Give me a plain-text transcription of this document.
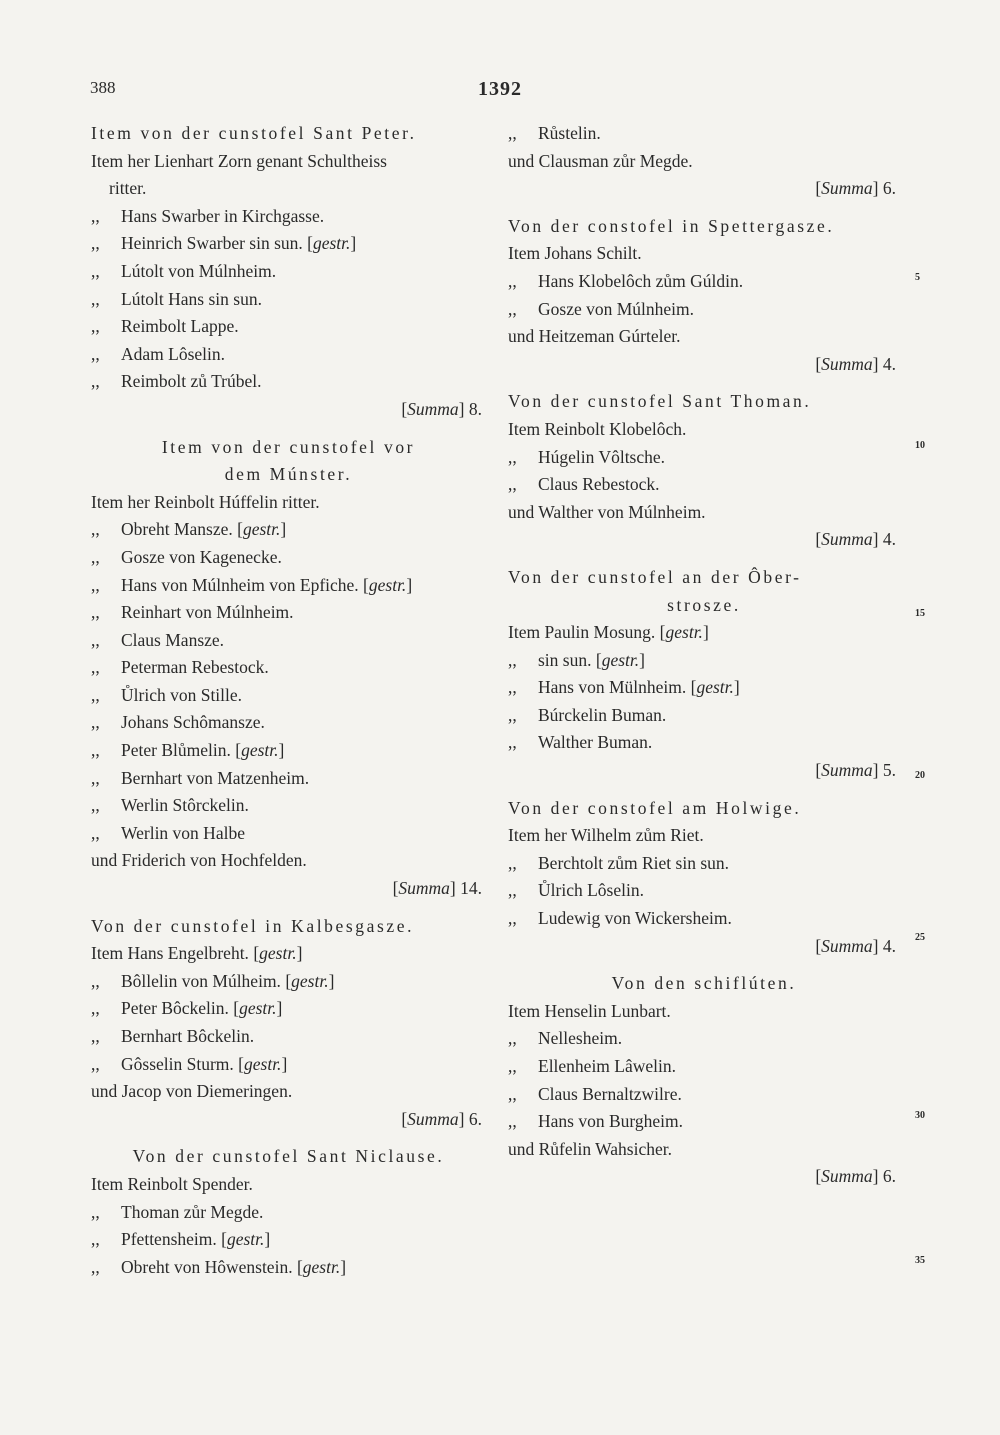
388	1392
Item von der cunstofel Sant Peter.
Item her Lienhart Zorn genant Schultheiss
ritter.
,, Hans Swarber in Kirchgasse.
,, Heinrich Swarber sin sun. [gestr.]
,, Lútolt von Múlnheim.
,, Lútolt Hans sin sun.
,, Reimbolt Lappe.
,, Adam Lôselin.
,, Reimbolt zů Trúbel.
[Summa] 8.
Item von der cunstofel vor
dem Múnster.
Item her Reinbolt Húffelin ritter.
,, Obreht Mansze. [gestr.]
,, Gosze von Kagenecke.
,, Hans von Múlnheim von Epfiche. [gestr.]
,, Reinhart von Múlnheim.
,, Claus Mansze.
,, Peterman Rebestock.
,, Ůlrich von Stille.
,, Johans Schômansze.
,, Peter Blůmelin. [gestr.]
,, Bernhart von Matzenheim.
,, Werlin Stôrckelin.
,, Werlin von Halbe
und Friderich von Hochfelden.
[Summa] 14.
Von der cunstofel in Kalbesgasze.
Item Hans Engelbreht. [gestr.]
,, Bôllelin von Múlheim. [gestr.]
,, Peter Bôckelin. [gestr.]
,, Bernhart Bôckelin.
,, Gôsselin Sturm. [gestr.]
und Jacop von Diemeringen.
[Summa] 6.
Von der cunstofel Sant Niclause.
Item Reinbolt Spender.
,, Thoman zůr Megde.
,, Pfettensheim. [gestr.]
,, Obreht von Hôwenstein. [gestr.]
,, Růstelin.
und Clausman zůr Megde.
[Summa] 6.
Von der constofel in Spettergasze.
Item Johans Schilt.
,, Hans Klobelôch zům Gúldin.
,, Gosze von Múlnheim.
und Heitzeman Gúrteler.
[Summa] 4.
Von der cunstofel Sant Thoman.
Item Reinbolt Klobelôch.
,, Húgelin Vôltsche.
,, Claus Rebestock.
und Walther von Múlnheim.
[Summa] 4.
Von der cunstofel an der Ôber-
strosze.
Item Paulin Mosung. [gestr.]
,, sin sun. [gestr.]
,, Hans von Mülnheim. [gestr.]
,, Búrckelin Buman.
,, Walther Buman.
[Summa] 5.
Von der constofel am Holwige.
Item her Wilhelm zům Riet.
,, Berchtolt zům Riet sin sun.
,, Ůlrich Lôselin.
,, Ludewig von Wickersheim.
[Summa] 4.
Von den schiflúten.
Item Henselin Lunbart.
,, Nellesheim.
,, Ellenheim Lâwelin.
,, Claus Bernaltzwilre.
,, Hans von Burgheim.
und Růfelin Wahsicher.
[Summa] 6.
5
10
15
20
25
30
35
